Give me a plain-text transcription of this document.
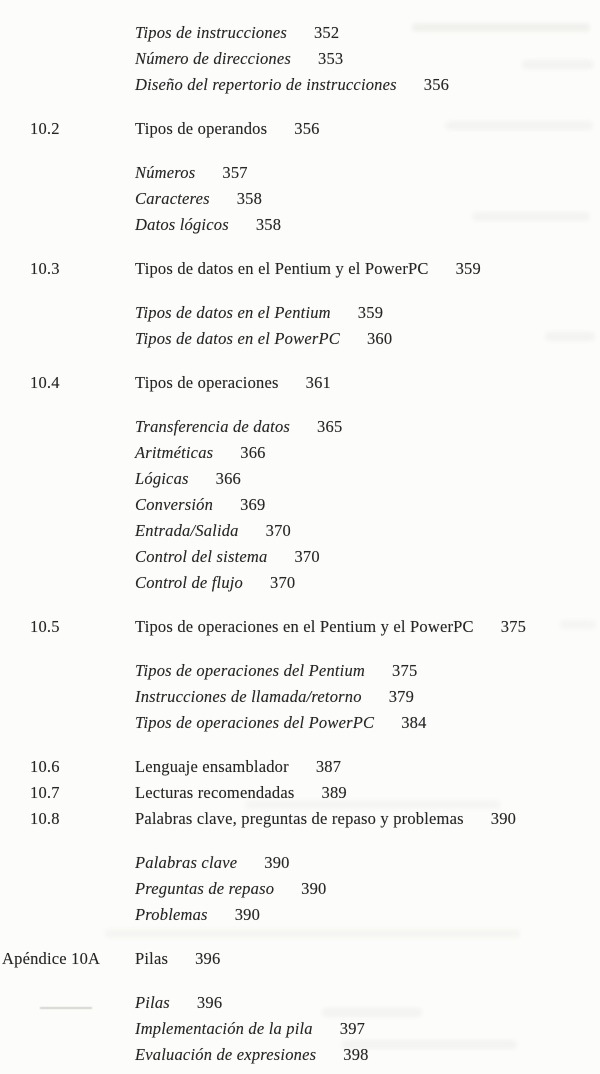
Tipos de instrucciones 352
Número de direcciones 353
Diseño del repertorio de instrucciones 356
10.2	Tipos de operandos 356
Números 357
Caracteres 358
Datos lógicos 358
10.3	Tipos de datos en el Pentium y el PowerPC 359
Tipos de datos en el Pentium 359
Tipos de datos en el PowerPC 360
10.4	Tipos de operaciones 361
Transferencia de datos 365
Aritméticas 366
Lógicas 366
Conversión 369
Entrada/Salida 370
Control del sistema 370
Control de flujo 370
10.5	Tipos de operaciones en el Pentium y el PowerPC 375
Tipos de operaciones del Pentium 375
Instrucciones de llamada/retorno 379
Tipos de operaciones del PowerPC 384
10.6	Lenguaje ensamblador 387
10.7	Lecturas recomendadas 389
10.8	Palabras clave, preguntas de repaso y problemas 390
Palabras clave 390
Preguntas de repaso 390
Problemas 390
Apéndice 10A	Pilas 396
Pilas 396
Implementación de la pila 397
Evaluación de expresiones 398
